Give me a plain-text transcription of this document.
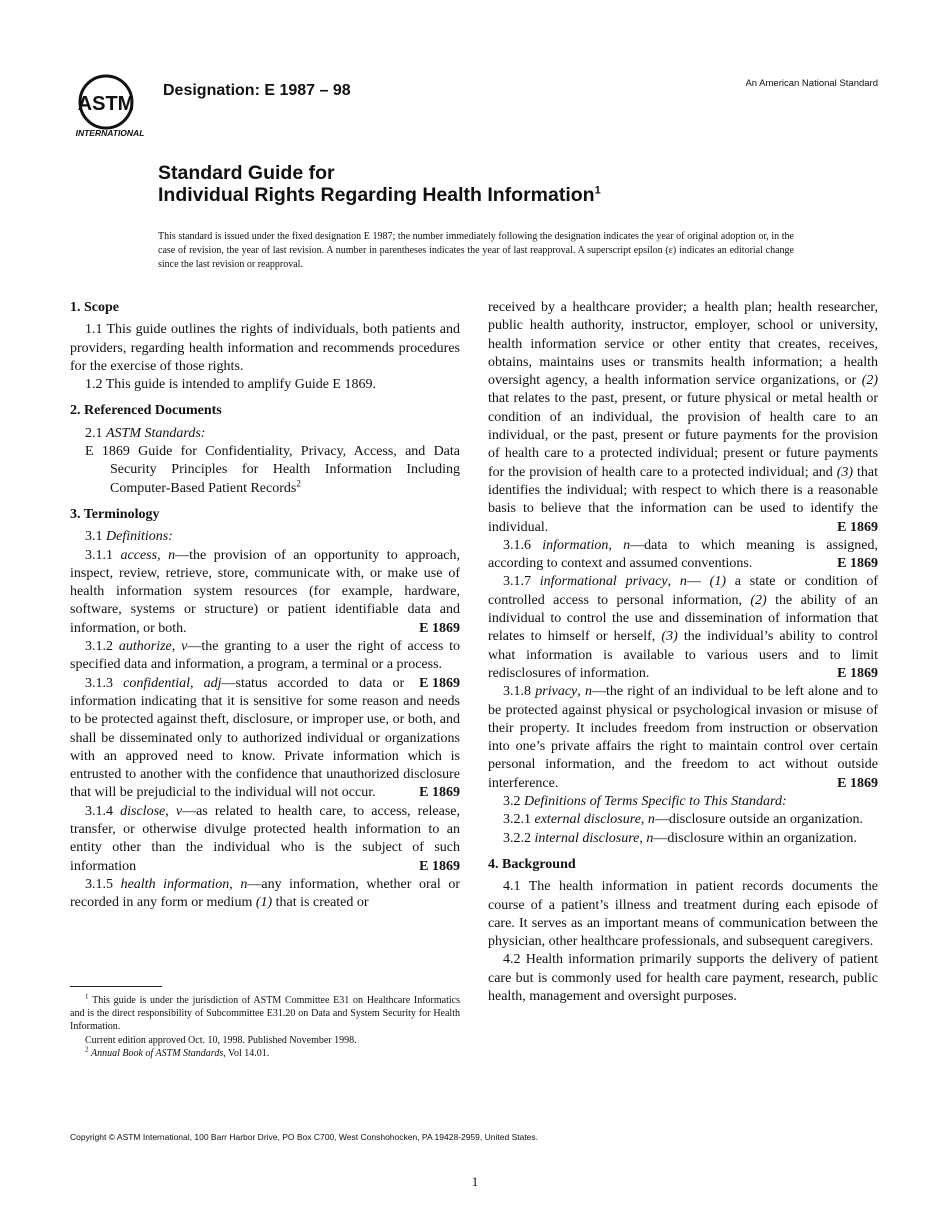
ASTM
INTERNATIONAL
Designation: E 1987 – 98	An American National Standard
Standard Guide for
Individual Rights Regarding Health Information$^1$
This standard is issued under the fixed designation E 1987; the number immediately following the designation indicates the year of original adoption or, in the case of revision, the year of last revision. A number in parentheses indicates the year of last reapproval. A superscript epsilon (ε) indicates an editorial change since the last revision or reapproval.

1. Scope

1.1 This guide outlines the rights of individuals, both patients and providers, regarding health information and recommends procedures for the exercise of those rights.

1.2 This guide is intended to amplify Guide E 1869.

2. Referenced Documents

2.1 ASTM Standards:

E 1869 Guide for Confidentiality, Privacy, Access, and Data Security Principles for Health Information Including Computer-Based Patient Records$^2$

3. Terminology

3.1 Definitions:

3.1.1 access, n—the provision of an opportunity to approach, inspect, review, retrieve, store, communicate with, or make use of health information system resources (for example, hardware, software, systems or structure) or patient identifiable data and information, or both.	E 1869

3.1.2 authorize, v—the granting to a user the right of access to specified data and information, a program, a terminal or a process.
E 1869

3.1.3 confidential, adj—status accorded to data or information indicating that it is sensitive for some reason and needs to be protected against theft, disclosure, or improper use, or both, and shall be disseminated only to authorized individual or organizations with an approved need to know. Private information which is entrusted to another with the confidence that unauthorized disclosure that will be prejudicial to the individual will not occur.	E 1869

3.1.4 disclose, v—as related to health care, to access, release, transfer, or otherwise divulge protected health information to an entity other than the individual who is the subject of such information	E 1869

3.1.5 health information, n—any information, whether oral or recorded in any form or medium (1) that is created or

received by a healthcare provider; a health plan; health researcher, public health authority, instructor, employer, school or university, health information service or other entity that creates, receives, obtains, maintains uses or transmits health information; a health oversight agency, a health information service organizations, or (2) that relates to the past, present, or future physical or metal health or condition of an individual, the provision of health care to an individual, or the past, present or future payments for the provision of health care to a protected individual; present or future payments for the provision of health care to a protected individual; and (3) that identifies the individual; with respect to which there is a reasonable basis to believe that the information can be used to identify the individual.	E 1869

3.1.6 information, n—data to which meaning is assigned, according to context and assumed conventions.	E 1869

3.1.7 informational privacy, n— (1) a state or condition of controlled access to personal information, (2) the ability of an individual to control the use and dissemination of information that relates to himself or herself, (3) the individual’s ability to control what information is available to various users and to limit redisclosures of information.	E 1869

3.1.8 privacy, n—the right of an individual to be left alone and to be protected against physical or psychological invasion or misuse of their property. It includes freedom from instruction or observation into one’s private affairs the right to maintain control over certain personal information, and the freedom to act without outside interference.	E 1869

3.2 Definitions of Terms Specific to This Standard:

3.2.1 external disclosure, n—disclosure outside an organization.

3.2.2 internal disclosure, n—disclosure within an organization.

4. Background

4.1 The health information in patient records documents the course of a patient’s illness and treatment during each episode of care. It serves as an important means of communication between the physician, other healthcare professionals, and subsequent caregivers.

4.2 Health information primarily supports the delivery of patient care but is commonly used for health care payment, research, public health, management and oversight purposes.

$^1$ This guide is under the jurisdiction of ASTM Committee E31 on Healthcare Informatics and is the direct responsibility of Subcommittee E31.20 on Data and System Security for Health Information.

Current edition approved Oct. 10, 1998. Published November 1998.

$^2$ Annual Book of ASTM Standards, Vol 14.01.

Copyright © ASTM International, 100 Barr Harbor Drive, PO Box C700, West Conshohocken, PA 19428-2959, United States.
1
